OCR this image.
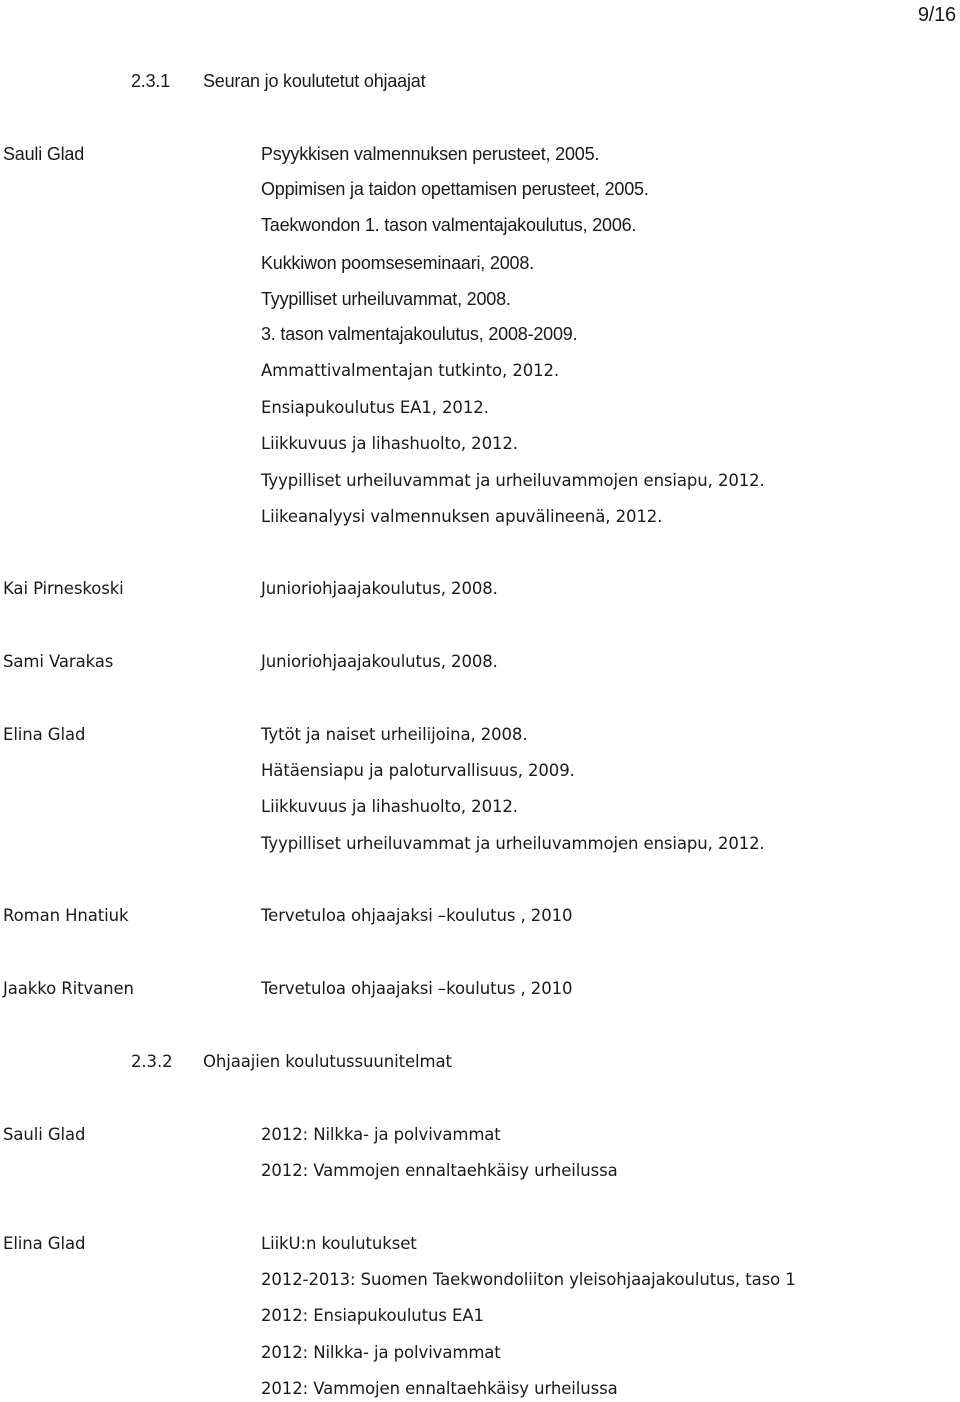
9/16
2.3.1 Seuran jo koulutetut ohjaajat
Sauli Glad	Psyykkisen valmennuksen perusteet, 2005.
Oppimisen ja taidon opettamisen perusteet, 2005.
Taekwondon 1. tason valmentajakoulutus, 2006.
Kukkiwon poomseseminaari, 2008.
Tyypilliset urheiluvammat, 2008.
3. tason valmentajakoulutus, 2008-2009.
Ammattivalmentajan tutkinto, 2012.
Ensiapukoulutus EA1, 2012.
Liikkuvuus ja lihashuolto, 2012.
Tyypilliset urheiluvammat ja urheiluvammojen ensiapu, 2012.
Liikeanalyysi valmennuksen apuvälineenä, 2012.
Kai Pirneskoski	Junioriohjaajakoulutus, 2008.
Sami Varakas	Junioriohjaajakoulutus, 2008.
Elina Glad	Tytöt ja naiset urheilijoina, 2008.
Hätäensiapu ja paloturvallisuus, 2009.
Liikkuvuus ja lihashuolto, 2012.
Tyypilliset urheiluvammat ja urheiluvammojen ensiapu, 2012.
Roman Hnatiuk	Tervetuloa ohjaajaksi –koulutus , 2010
Jaakko Ritvanen	Tervetuloa ohjaajaksi –koulutus , 2010
2.3.2 Ohjaajien koulutussuunitelmat
Sauli Glad	2012: Nilkka- ja polvivammat
2012: Vammojen ennaltaehkäisy urheilussa
Elina Glad	LiikU:n koulutukset
2012-2013: Suomen Taekwondoliiton yleisohjaajakoulutus, taso 1
2012: Ensiapukoulutus EA1
2012: Nilkka- ja polvivammat
2012: Vammojen ennaltaehkäisy urheilussa
